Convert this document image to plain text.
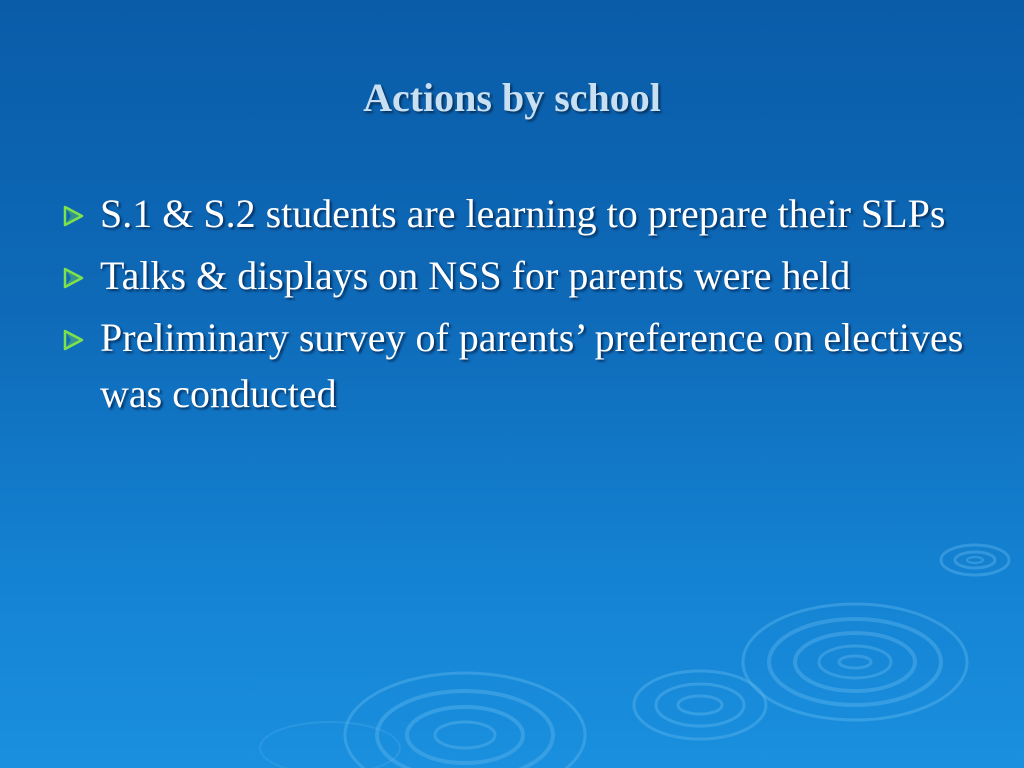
Actions by school
S.1 & S.2 students are learning to prepare their SLPs
Talks & displays on NSS for parents were held
Preliminary survey of parents’ preference on electives was conducted
